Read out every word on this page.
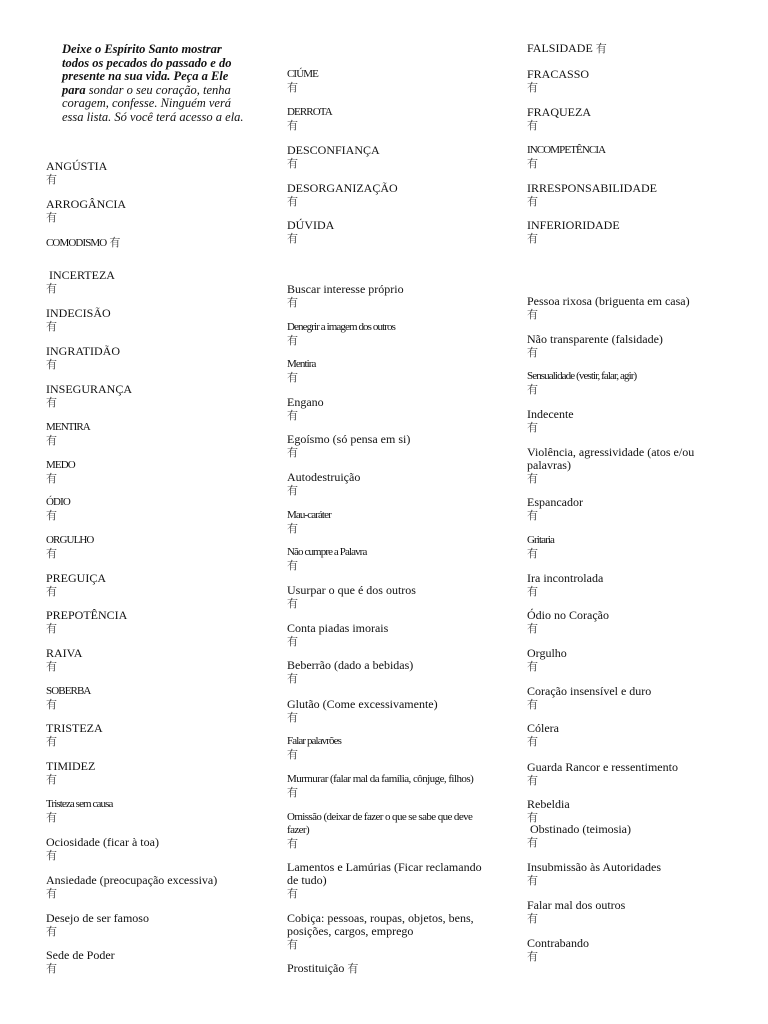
Deixe o Espírito Santo mostrar todos os pecados do passado e do presente na sua vida. Peça a Ele para sondar o seu coração, tenha coragem, confesse. Ninguém verá essa lista. Só você terá acesso a ela.
ANGÚSTIA
有
ARROGÂNCIA
有
COMODISMO 有
INCERTEZA
有
INDECISÃO
有
INGRATIDÃO
有
INSEGURANÇA
有
MENTIRA
有
MEDO
有
ÓDIO
有
ORGULHO
有
PREGUIÇA
有
PREPOTÊNCIA
有
RAIVA
有
SOBERBA
有
TRISTEZA
有
TIMIDEZ
有
Tristeza sem causa
有
Ociosidade (ficar à toa)
有
Ansiedade (preocupação excessiva)
有
Desejo de ser famoso
有
Sede de Poder
有
CIÚME
有
DERROTA
有
DESCONFIANÇA
有
DESORGANIZAÇÃO
有
DÚVIDA
有
Buscar interesse próprio
有
Denegrir a imagem dos outros
有
Mentira
有
Engano
有
Egoísmo (só pensa em si)
有
Autodestruição
有
Mau-caráter
有
Não cumpre a Palavra
有
Usurpar o que é dos outros
有
Conta piadas imorais
有
Beberrão (dado a bebidas)
有
Glutão (Come excessivamente)
有
Falar palavrões
有
Murmurar (falar mal da família, cônjuge, filhos)
有
Omissão (deixar de fazer o que se sabe que deve fazer)
有
Lamentos e Lamúrias (Ficar reclamando de tudo)
有
Cobiça: pessoas, roupas, objetos, bens, posições, cargos, emprego
有
Prostituição 有
FALSIDADE 有
FRACASSO
有
FRAQUEZA
有
INCOMPETÊNCIA
有
IRRESPONSABILIDADE
有
INFERIORIDADE
有
Pessoa rixosa (briguenta em casa)
有
Não transparente (falsidade)
有
Sensualidade (vestir, falar, agir)
有
Indecente
有
Violência, agressividade (atos e/ou palavras)
有
Espancador
有
Gritaria
有
Ira incontrolada
有
Ódio no Coração
有
Orgulho
有
Coração insensível e duro
有
Cólera
有
Guarda Rancor e ressentimento
有
Rebeldia
有
Obstinado (teimosia)
有
Insubmissão às Autoridades
有
Falar mal dos outros
有
Contrabando
有
